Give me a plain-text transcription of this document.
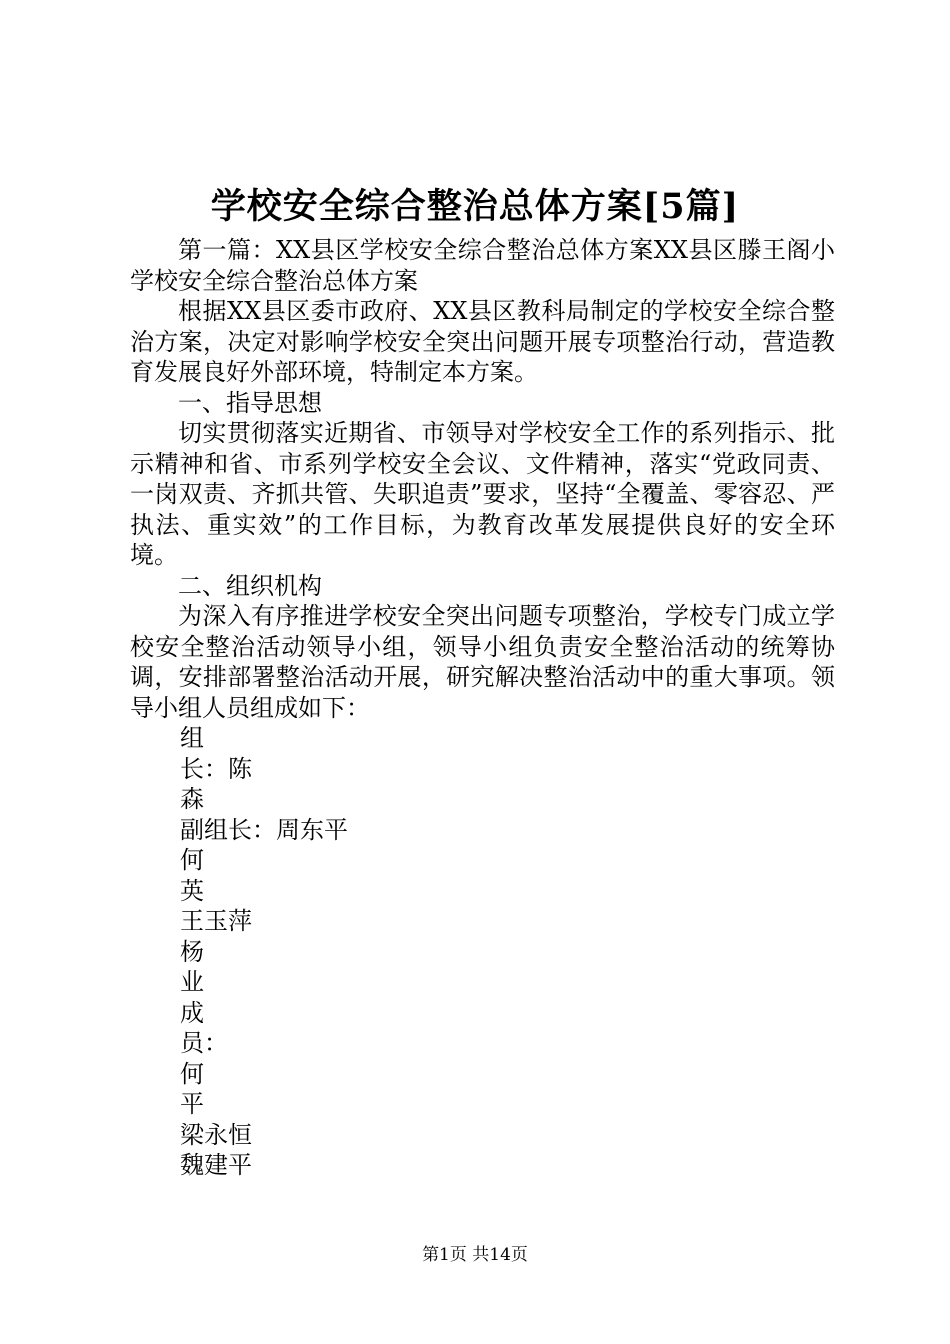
学校安全综合整治总体方案[5篇]

第一篇：XX县区学校安全综合整治总体方案XX县区滕王阁小学校安全综合整治总体方案

根据XX县区委市政府、XX县区教科局制定的学校安全综合整治方案，决定对影响学校安全突出问题开展专项整治行动，营造教育发展良好外部环境，特制定本方案。

一、指导思想

切实贯彻落实近期省、市领导对学校安全工作的系列指示、批示精神和省、市系列学校安全会议、文件精神，落实“党政同责、一岗双责、齐抓共管、失职追责”要求，坚持“全覆盖、零容忍、严执法、重实效”的工作目标，为教育改革发展提供良好的安全环境。

二、组织机构

为深入有序推进学校安全突出问题专项整治，学校专门成立学校安全整治活动领导小组，领导小组负责安全整治活动的统筹协调，安排部署整治活动开展，研究解决整治活动中的重大事项。领导小组人员组成如下：

组
长：陈
森
副组长：周东平
何
英
王玉萍
杨
业
成
员：
何
平
梁永恒
魏建平
第1页 共14页
